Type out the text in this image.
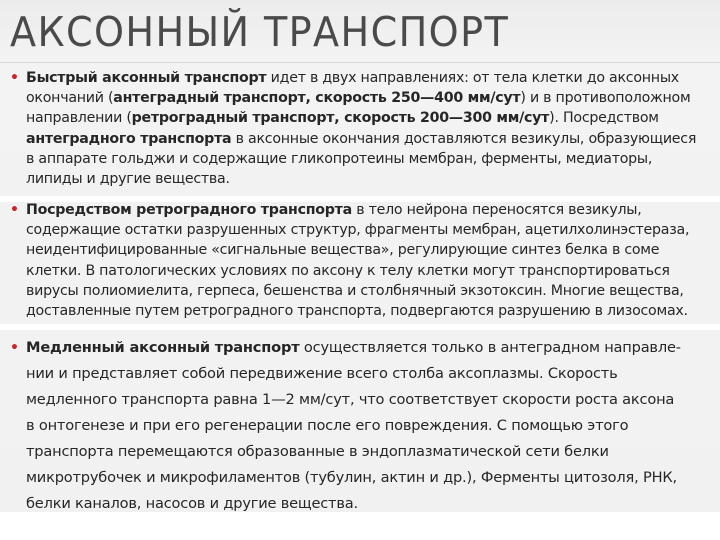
АКСОННЫЙ ТРАНСПОРТ
• Быстрый аксонный транспорт идет в двух направлениях: от тела клетки до аксонных
окончаний (антеградный транспорт, скорость 250—400 мм/сут) и в противоположном
направлении (ретроградный транспорт, скорость 200—300 мм/сут). Посредством
антеградного транспорта в аксонные окончания доставляются везикулы, образующиеся
в аппарате гольджи и содержащие гликопротеины мембран, ферменты, медиаторы,
липиды и другие вещества.
• Посредством ретроградного транспорта в тело нейрона переносятся везикулы,
содержащие остатки разрушенных структур, фрагменты мембран, ацетилхолинэстераза,
неидентифицированные «сигнальные вещества», регулирующие синтез белка в соме
клетки. В патологических условиях по аксону к телу клетки могут транспортироваться
вирусы полиомиелита, герпеса, бешенства и столбнячный экзотоксин. Многие вещества,
доставленные путем ретроградного транспорта, подвергаются разрушению в лизосомах.
• Медленный аксонный транспорт осуществляется только в антеградном направле-
нии и представляет собой передвижение всего столба аксоплазмы. Скорость
медленного транспорта равна 1—2 мм/сут, что соответствует скорости роста аксона
в онтогенезе и при его регенерации после его повреждения. С помощью этого
транспорта перемещаются образованные в эндоплазматической сети белки
микротрубочек и микрофиламентов (тубулин, актин и др.), Ферменты цитозоля, РНК,
белки каналов, насосов и другие вещества.
